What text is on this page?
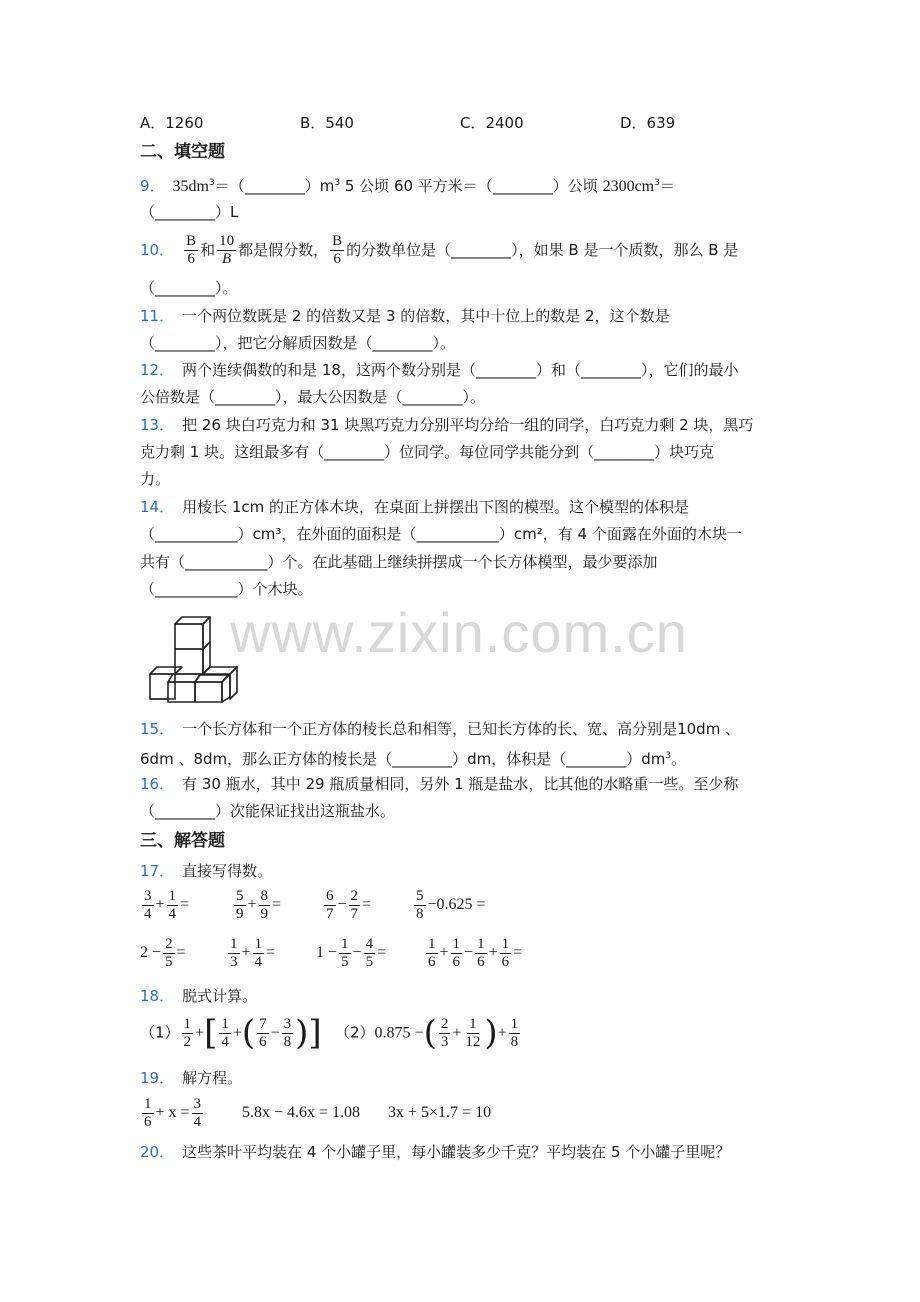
A．1260	B．540	C．2400	D．639
二、填空题
9． $35dm^3=(\_\_\_\_\_\_\_\_)m^3$ 5 公顷 60 平方米＝（________）公顷 $2300cm^3=$
（________）L
10． $\frac{B}{6}$ 和 $\frac{10}{B}$ 都是假分数， $\frac{B}{6}$ 的分数单位是（________），如果 B 是一个质数，那么 B 是
（________）。
11． 一个两位数既是 2 的倍数又是 3 的倍数，其中十位上的数是 2，这个数是
（________），把它分解质因数是（________）。
12． 两个连续偶数的和是 18，这两个数分别是（________）和（________），它们的最小
公倍数是（________），最大公因数是（________）。
13． 把 26 块白巧克力和 31 块黑巧克力分别平均分给一组的同学，白巧克力剩 2 块，黑巧
克力剩 1 块。这组最多有（________）位同学。每位同学共能分到（________）块巧克
力。
14． 用棱长 1cm 的正方体木块，在桌面上拼摆出下图的模型。这个模型的体积是
（___________）cm³，在外面的面积是（___________）cm²，有 4 个面露在外面的木块一
共有（___________）个。在此基础上继续拼摆成一个长方体模型，最少要添加
（___________）个木块。
www.zixin.com.cn
15． 一个长方体和一个正方体的棱长总和相等，已知长方体的长、宽、高分别是10dm 、
6dm 、8dm，那么正方体的棱长是（________）dm，体积是$(\_\_\_\_\_\_\_\_)dm^3$。
16． 有 30 瓶水，其中 29 瓶质量相同，另外 1 瓶是盐水，比其他的水略重一些。至少称
（________）次能保证找出这瓶盐水。
三、解答题
17． 直接写得数。
$\frac{3}{4} + \frac{1}{4}$ =	$\frac{5}{9} + \frac{8}{9}$ =	$\frac{6}{7} - \frac{2}{7}$ =	$\frac{5}{8} -0.625$ =
$2 - \frac{2}{5}$ =	$\frac{1}{3} + \frac{1}{4}$ =	$1 - \frac{1}{5} - \frac{4}{5}$ =	$\frac{1}{6} + \frac{1}{6} - \frac{1}{6} + \frac{1}{6}$ =
18． 脱式计算。
$(1) \frac{1}{2}$ +[ $\frac{1}{4}$ +( $\frac{7}{6} - \frac{3}{8}$ )] （2）0.875 −( $\frac{2}{3} + \frac{1}{12}$ )+ $\frac{1}{8}$
19． 解方程。
$\frac{1}{6} + x = \frac{3}{4} 5.8x - 4.6x = 1.08$ 3x + 5×1.7 = 10
20． 这些茶叶平均装在 4 个小罐子里，每小罐装多少千克？平均装在 5 个小罐子里呢？
